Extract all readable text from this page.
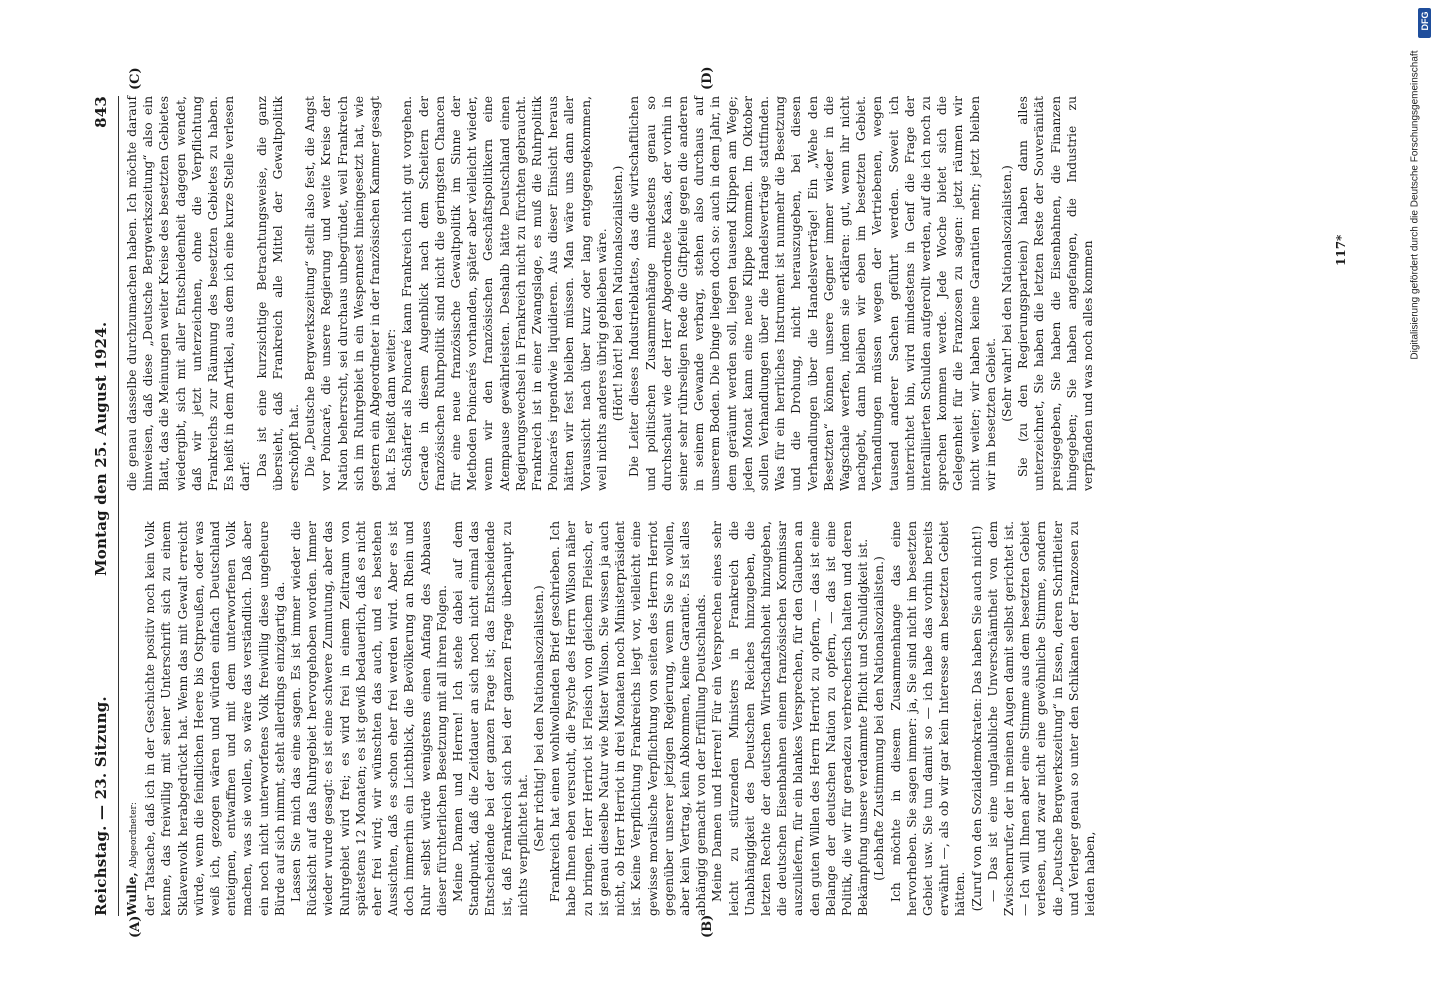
Reichstag. — 23. Sitzung.
Montag den 25. August 1924.
843
(A)	(B)
(C)	(D)

Wulle, Abgeordneter: der Tatsache, daß ich in der Geschichte positiv noch kein Volk kenne, das freiwillig mit seiner Unterschrift sich zu einem Sklavenvolk herabgedrückt hat. Wenn das mit Gewalt erreicht würde, wenn die feindlichen Heere bis Ostpreußen, oder was weiß ich, gezogen wären und würden einfach Deutschland enteignen, entwaffnen und mit dem unterworfenen Volk machen, was sie wollen, so wäre das verständlich. Daß aber ein noch nicht unterworfenes Volk freiwillig diese ungeheure Bürde auf sich nimmt, steht allerdings einzigartig da. Lassen Sie mich das eine sagen. Es ist immer wieder die Rücksicht auf das Ruhrgebiet hervorgehoben worden. Immer wieder wurde gesagt: es ist eine schwere Zumutung, aber das Ruhrgebiet wird frei; es wird frei in einem Zeitraum von spätestens 12 Monaten; es ist gewiß bedauerlich, daß es nicht eher frei wird; wir wünschten das auch, und es bestehen Aussichten, daß es schon eher frei werden wird. Aber es ist doch immerhin ein Lichtblick, die Bevölkerung an Rhein und Ruhr selbst würde wenigstens einen Anfang des Abbaues dieser fürchterlichen Besetzung mit all ihren Folgen. Meine Damen und Herren! Ich stehe dabei auf dem Standpunkt, daß die Zeitdauer an sich noch nicht einmal das Entscheidende bei der ganzen Frage ist; das Entscheidende ist, daß Frankreich sich bei der ganzen Frage überhaupt zu nichts verpflichtet hat. (Sehr richtig! bei den Nationalsozialisten.) Frankreich hat einen wohlwollenden Brief geschrieben. Ich habe Ihnen eben versucht, die Psyche des Herrn Wilson näher zu bringen. Herr Herriot ist Fleisch von gleichem Fleisch, er ist genau dieselbe Natur wie Mister Wilson. Sie wissen ja auch nicht, ob Herr Herriot in drei Monaten noch Ministerpräsident ist. Keine Verpflichtung Frankreichs liegt vor, vielleicht eine gewisse moralische Verpflichtung von seiten des Herrn Herriot gegenüber unserer jetzigen Regierung, wenn Sie so wollen, aber kein Vertrag, kein Abkommen, keine Garantie. Es ist alles abhängig gemacht von der Erfüllung Deutschlands. Meine Damen und Herren! Für ein Versprechen eines sehr leicht zu stürzenden Ministers in Frankreich die Unabhängigkeit des Deutschen Reiches hinzugeben, die letzten Rechte der deutschen Wirtschaftshoheit hinzugeben, die deutschen Eisenbahnen einem französischen Kommissar auszuliefern, für ein blankes Versprechen, für den Glauben an den guten Willen des Herrn Herriot zu opfern, — das ist eine Belange der deutschen Nation zu opfern, — das ist eine Politik, die wir für geradezu verbrecherisch halten und deren Bekämpfung unsere verdammte Pflicht und Schuldigkeit ist. (Lebhafte Zustimmung bei den Nationalsozialisten.) Ich möchte in diesem Zusammenhange das eine hervorheben. Sie sagen immer: ja, Sie sind nicht im besetzten Gebiet usw. Sie tun damit so — ich habe das vorhin bereits erwähnt —, als ob wir gar kein Interesse am besetzten Gebiet hätten. (Zuruf von den Sozialdemokraten: Das haben Sie auch nicht!) — Das ist eine unglaubliche Unverschämtheit von dem Zwischenrufer, der in meinen Augen damit selbst gerichtet ist. — Ich will Ihnen aber eine Stimme aus dem besetzten Gebiet verlesen, und zwar nicht eine gewöhnliche Stimme, sondern die „Deutsche Bergwerkszeitung“ in Essen, deren Schriftleiter und Verleger genau so unter den Schikanen der Franzosen zu leiden haben,

die genau dasselbe durchzumachen haben. Ich möchte darauf hinweisen, daß diese „Deutsche Bergwerkszeitung“ also ein Blatt, das die Meinungen weiter Kreise des besetzten Gebietes wiedergibt, sich mit aller Entschiedenheit dagegen wendet, daß wir jetzt unterzeichnen, ohne die Verpflichtung Frankreichs zur Räumung des besetzten Gebietes zu haben. Es heißt in dem Artikel, aus dem ich eine kurze Stelle verlesen darf: Das ist eine kurzsichtige Betrachtungsweise, die ganz übersieht, daß Frankreich alle Mittel der Gewaltpolitik erschöpft hat. Die „Deutsche Bergwerkszeitung“ stellt also fest, die Angst vor Poincaré, die unsere Regierung und weite Kreise der Nation beherrscht, sei durchaus unbegründet, weil Frankreich sich im Ruhrgebiet in ein Wespennest hineingesetzt hat, wie gestern ein Abgeordneter in der französischen Kammer gesagt hat. Es heißt dann weiter: Schärfer als Poincaré kann Frankreich nicht gut vorgehen. Gerade in diesem Augenblick nach dem Scheitern der französischen Ruhrpolitik sind nicht die geringsten Chancen für eine neue französische Gewaltpolitik im Sinne der Methoden Poincarés vorhanden, später aber vielleicht wieder, wenn wir den französischen Geschäftspolitikern eine Atempause gewährleisten. Deshalb hätte Deutschland einen Regierungswechsel in Frankreich nicht zu fürchten gebraucht. Frankreich ist in einer Zwangslage, es muß die Ruhrpolitik Poincarés irgendwie liquidieren. Aus dieser Einsicht heraus hätten wir fest bleiben müssen. Man wäre uns dann aller Voraussicht nach über kurz oder lang entgegengekommen, weil nichts anderes übrig geblieben wäre. (Hört! hört! bei den Nationalsozialisten.) Die Leiter dieses Industrieblattes, das die wirtschaftlichen und politischen Zusammenhänge mindestens genau so durchschaut wie der Herr Abgeordnete Kaas, der vorhin in seiner sehr rührseligen Rede die Giftpfeile gegen die anderen in seinem Gewande verbarg, stehen also durchaus auf unserem Boden. Die Dinge liegen doch so: auch in dem Jahr, in dem geräumt werden soll, liegen tausend Klippen am Wege; jeden Monat kann eine neue Klippe kommen. Im Oktober sollen Verhandlungen über die Handelsverträge stattfinden. Was für ein herrliches Instrument ist nunmehr die Besetzung und die Drohung, nicht herauszugeben, bei diesen Verhandlungen über die Handelsverträge! Ein „Wehe den Besetzten“ können unsere Gegner immer wieder in die Wagschale werfen, indem sie erklären: gut, wenn ihr nicht nachgebt, dann bleiben wir eben im besetzten Gebiet. Verhandlungen müssen wegen der Vertriebenen, wegen tausend anderer Sachen geführt werden. Soweit ich unterrichtet bin, wird mindestens in Genf die Frage der interalliierten Schulden aufgerollt werden, auf die ich noch zu sprechen kommen werde. Jede Woche bietet sich die Gelegenheit für die Franzosen zu sagen: jetzt räumen wir nicht weiter; wir haben keine Garantien mehr; jetzt bleiben wir im besetzten Gebiet. (Sehr wahr! bei den Nationalsozialisten.) Sie (zu den Regierungsparteien) haben dann alles unterzeichnet, Sie haben die letzten Reste der Souveränität preisgegeben, Sie haben die Eisenbahnen, die Finanzen hingegeben; Sie haben angefangen, die Industrie zu verpfänden und was noch alles kommen	117*	Digitalisierung gefördert durch die Deutsche Forschungsgemeinschaft
DFG
